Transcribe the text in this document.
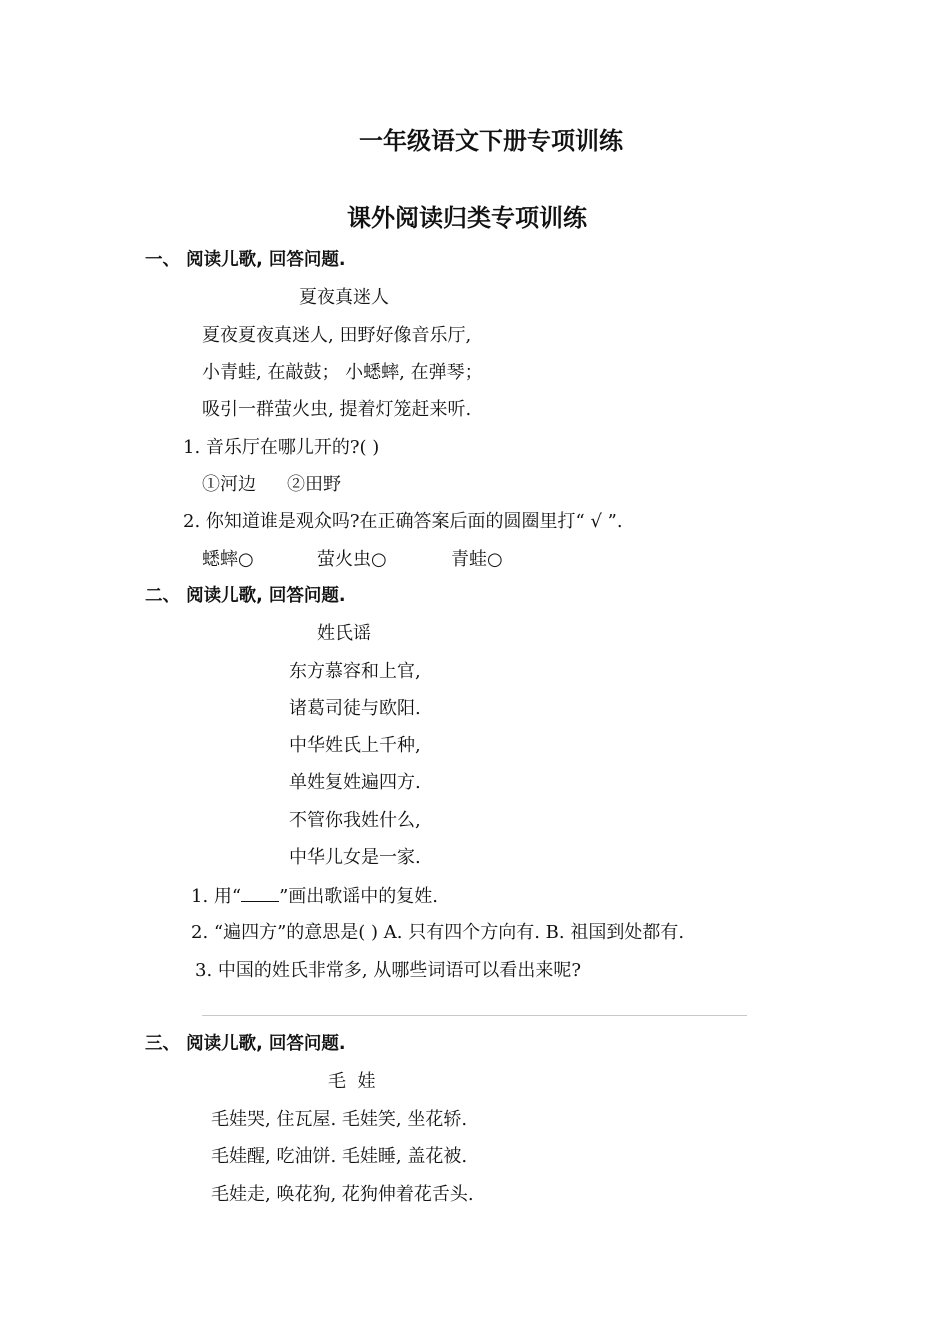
一年级语文下册专项训练
课外阅读归类专项训练
一、 阅读儿歌, 回答问题.
夏夜真迷人
夏夜夏夜真迷人, 田野好像音乐厅,
小青蛙, 在敲鼓； 小蟋蟀, 在弹琴；
吸引一群萤火虫, 提着灯笼赶来听.
1. 音乐厅在哪儿开的?( )
①河边 ②田野
2. 你知道谁是观众吗?在正确答案后面的圆圈里打“ √ ”.
蟋蟀○	萤火虫○	青蛙○
二、 阅读儿歌, 回答问题.
姓氏谣
东方慕容和上官,
诸葛司徒与欧阳.
中华姓氏上千种,
单姓复姓遍四方.
不管你我姓什么,
中华儿女是一家.
1. 用“ ”画出歌谣中的复姓.
2. “遍四方”的意思是( ) A. 只有四个方向有. B. 祖国到处都有.
3. 中国的姓氏非常多, 从哪些词语可以看出来呢?
三、 阅读儿歌, 回答问题.
毛  娃
毛娃哭, 住瓦屋. 毛娃笑, 坐花轿.
毛娃醒, 吃油饼. 毛娃睡, 盖花被.
毛娃走, 唤花狗, 花狗伸着花舌头.
